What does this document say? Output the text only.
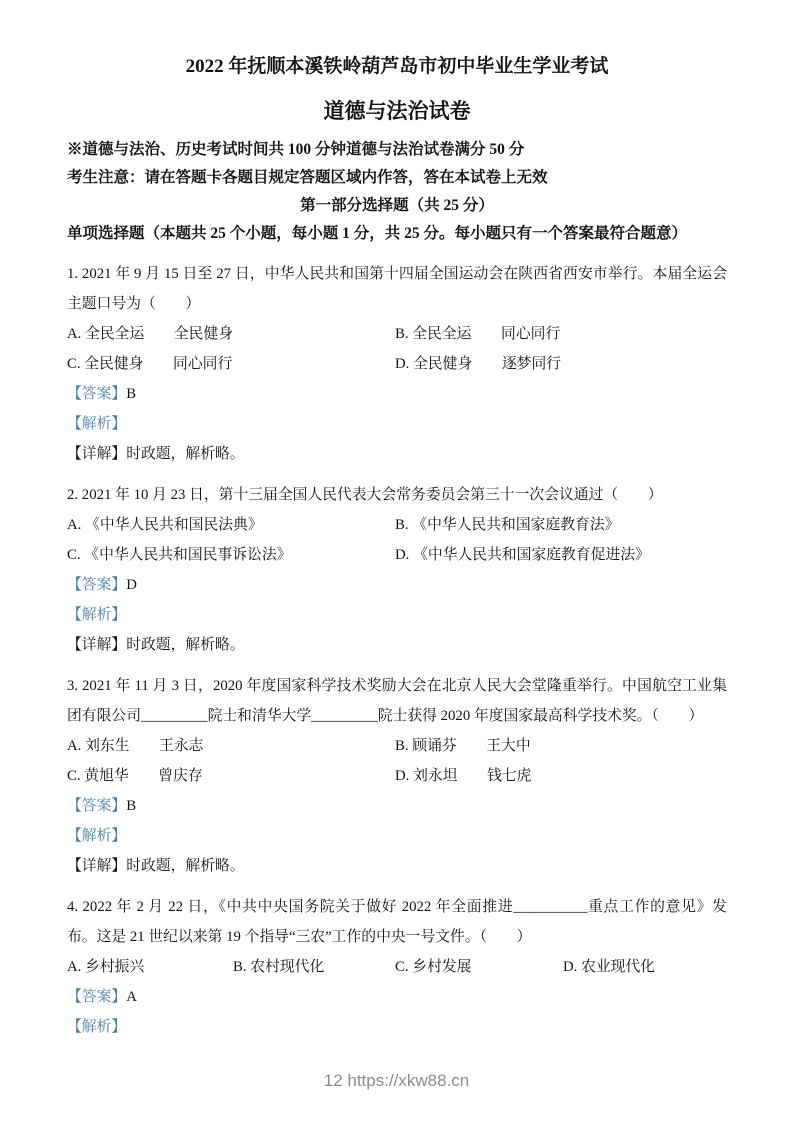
2022 年抚顺本溪铁岭葫芦岛市初中毕业生学业考试
道德与法治试卷

※道德与法治、历史考试时间共 100 分钟道德与法治试卷满分 50 分

考生注意：请在答题卡各题目规定答题区域内作答，答在本试卷上无效

第一部分选择题（共 25 分）

单项选择题（本题共 25 个小题，每小题 1 分，共 25 分。每小题只有一个答案最符合题意）

1. 2021 年 9 月 15 日至 27 日，中华人民共和国第十四届全国运动会在陕西省西安市举行。本届全运会主题口号为（　　）

A. 全民全运　　全民健身	B. 全民全运　　同心同行
C. 全民健身　　同心同行	D. 全民健身　　逐梦同行

【答案】B

【解析】

【详解】时政题，解析略。

2. 2021 年 10 月 23 日，第十三届全国人民代表大会常务委员会第三十一次会议通过（　　）

A. 《中华人民共和国民法典》	B. 《中华人民共和国家庭教育法》
C. 《中华人民共和国民事诉讼法》	D. 《中华人民共和国家庭教育促进法》

【答案】D

【解析】

【详解】时政题，解析略。

3. 2021 年 11 月 3 日，2020 年度国家科学技术奖励大会在北京人民大会堂隆重举行。中国航空工业集团有限公司_________院士和清华大学_________院士获得 2020 年度国家最高科学技术奖。（　　）

A. 刘东生　　王永志	B. 顾诵芬　　王大中
C. 黄旭华　　曾庆存	D. 刘永坦　　钱七虎

【答案】B

【解析】

【详解】时政题，解析略。

4. 2022 年 2 月 22 日，《中共中央国务院关于做好 2022 年全面推进__________重点工作的意见》发布。这是 21 世纪以来第 19 个指导“三农”工作的中央一号文件。（　　）

A. 乡村振兴	B. 农村现代化	C. 乡村发展	D. 农业现代化

【答案】A

【解析】

12 https://xkw88.cn
